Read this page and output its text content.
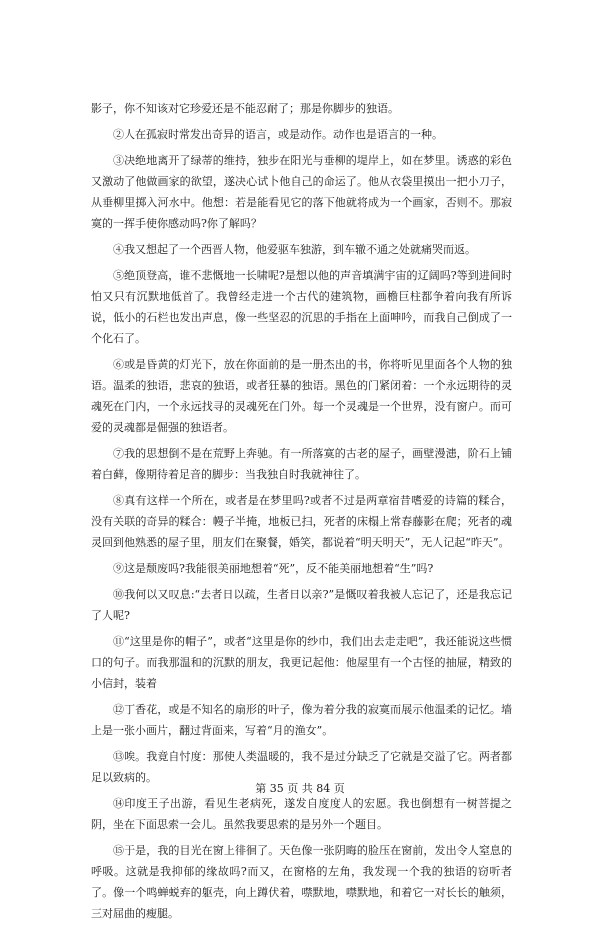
影子，你不知该对它珍爱还是不能忍耐了；那是你脚步的独语。

②人在孤寂时常发出奇异的语言，或是动作。动作也是语言的一种。

③决绝地离开了绿蒂的维持，独步在阳光与垂柳的堤岸上，如在梦里。诱惑的彩色又激动了他做画家的欲望，遂决心试卜他自己的命运了。他从衣袋里摸出一把小刀子，从垂柳里掷入河水中。他想：若是能看见它的落下他就将成为一个画家，否则不。那寂寞的一挥手使你感动吗?你了解吗？

④我又想起了一个西晋人物，他爱驱车独游，到车辙不通之处就痛哭而返。

⑤绝顶登高，谁不悲慨地一长啸呢?是想以他的声音填满宇宙的辽阔吗?等到进间时怕又只有沉默地低首了。我曾经走进一个古代的建筑物，画檐巨柱都争着向我有所诉说，低小的石栏也发出声息，像一些坚忍的沉思的手指在上面呻吟，而我自己倒成了一个化石了。

⑥或是昏黄的灯光下，放在你面前的是一册杰出的书，你将听见里面各个人物的独语。温柔的独语，悲哀的独语，或者狂暴的独语。黑色的门紧闭着：一个永远期待的灵魂死在门内，一个永远找寻的灵魂死在门外。每一个灵魂是一个世界，没有窗户。而可爱的灵魂都是倔强的独语者。

⑦我的思想倒不是在荒野上奔驰。有一所落寞的古老的屋子，画壁漫漶，阶石上铺着白藓，像期待着足音的脚步：当我独自时我就神往了。

⑧真有这样一个所在，或者是在梦里吗?或者不过是两章宿昔嗜爱的诗篇的糅合，没有关联的奇异的糅合：幔子半掩，地板已扫，死者的床榻上常春藤影在爬；死者的魂灵回到他熟悉的屋子里，朋友们在聚餐，婚笑，都说着“明天明天”，无人记起“昨天”。

⑨这是颓废吗?我能很美丽地想着“死”，反不能美丽地想着“生”吗?

⑩我何以又叹息:“去者日以疏，生者日以亲?”是慨叹着我被人忘记了，还是我忘记了人呢?

⑪“这里是你的帽子”，或者“这里是你的纱巾，我们出去走走吧”，我还能说这些惯口的句子。而我那温和的沉默的朋友，我更记起他：他屋里有一个古怪的抽屉，精致的小信封，装着

⑫丁香花，或是不知名的扇形的叶子，像为着分我的寂寞而展示他温柔的记忆。墙上是一张小画片，翻过背面来，写着“月的渔女”。

⑬唉。我竟自忖度：那使人类温暖的，我不是过分缺乏了它就是交溢了它。两者都足以致病的。

⑭印度王子出游，看见生老病死，遂发自度度人的宏愿。我也倒想有一树菩提之阴，坐在下面思索一会儿。虽然我要思索的是另外一个题目。

⑮于是，我的目光在窗上徘徊了。天色像一张阴晦的脸压在窗前，发出令人窒息的呼吸。这就是我抑郁的缘故吗?而又，在窗格的左角，我发现一个我的独语的窃听者了。像一个鸣蝉蜕弃的躯壳，向上蹲伏着，噤默地，噤默地，和着它一对长长的触须，三对屈曲的瘦腿。

第 35 页 共 84 页
